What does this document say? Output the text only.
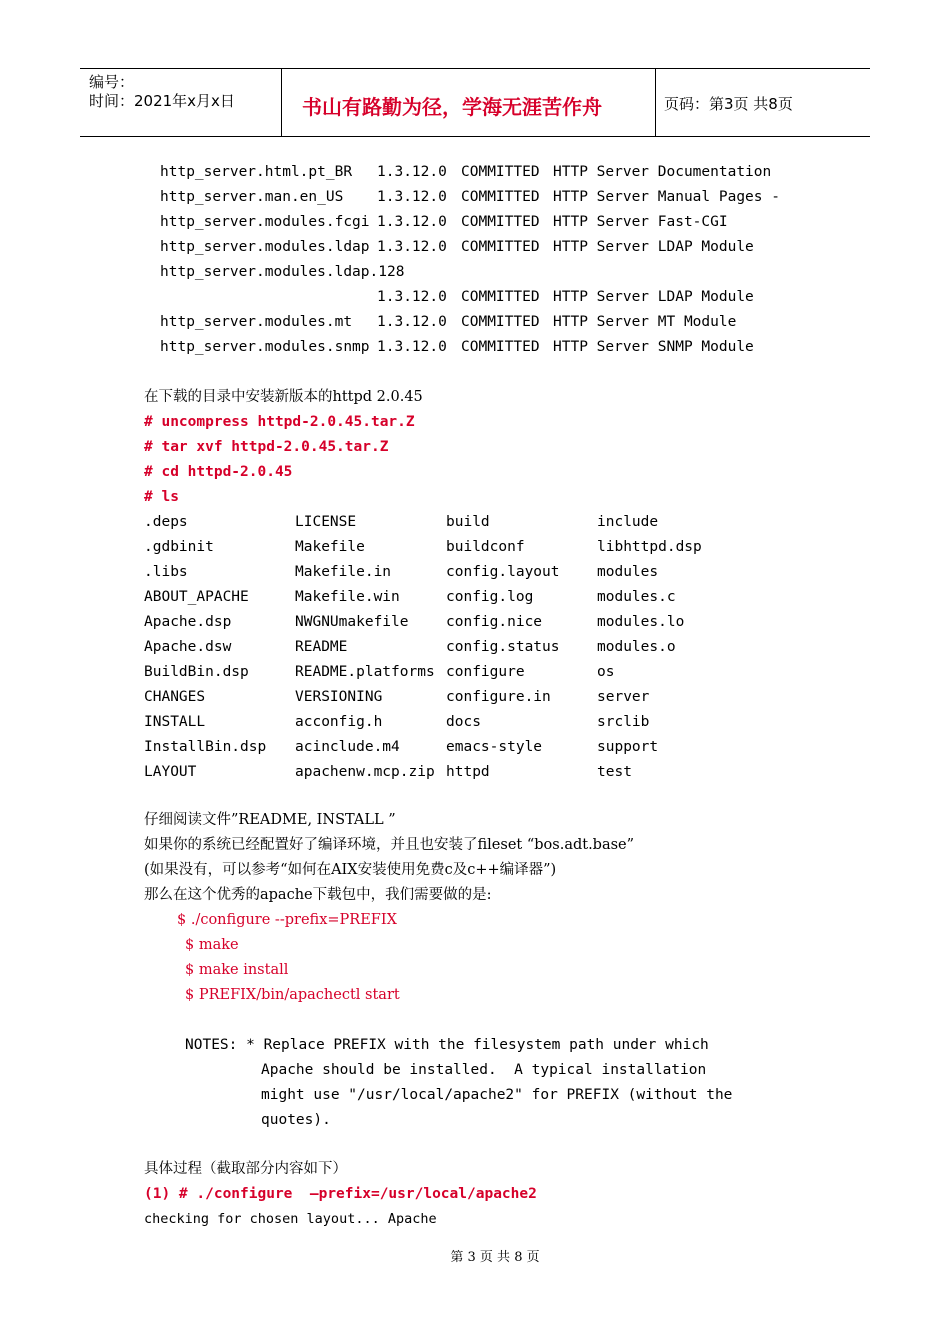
编号：
时间：2021年x月x日	书山有路勤为径，学海无涯苦作舟	页码：第3页 共8页
http_server.html.pt_BR 1.3.12.0 COMMITTED HTTP Server Documentation
http_server.man.en_US 1.3.12.0 COMMITTED HTTP Server Manual Pages -
http_server.modules.fcgi 1.3.12.0 COMMITTED HTTP Server Fast-CGI
http_server.modules.ldap 1.3.12.0 COMMITTED HTTP Server LDAP Module
http_server.modules.ldap.128
1.3.12.0 COMMITTED HTTP Server LDAP Module
http_server.modules.mt 1.3.12.0 COMMITTED HTTP Server MT Module
http_server.modules.snmp 1.3.12.0 COMMITTED HTTP Server SNMP Module
在下载的目录中安装新版本的httpd 2.0.45
# uncompress httpd-2.0.45.tar.Z
# tar xvf httpd-2.0.45.tar.Z
# cd httpd-2.0.45
# ls
.deps	LICENSE	build	include
.gdbinit	Makefile	buildconf	libhttpd.dsp
.libs	Makefile.in	config.layout	modules
ABOUT_APACHE	Makefile.win	config.log	modules.c
Apache.dsp	NWGNUmakefile	config.nice	modules.lo
Apache.dsw	README	config.status	modules.o
BuildBin.dsp	README.platforms configure	os
CHANGES	VERSIONING	configure.in	server
INSTALL	acconfig.h	docs	srclib
InstallBin.dsp acinclude.m4	emacs-style	support
LAYOUT	apachenw.mcp.zip httpd	test
仔细阅读文件”README, INSTALL ”
如果你的系统已经配置好了编译环境，并且也安装了fileset “bos.adt.base”
(如果没有，可以参考“如何在AIX安装使用免费c及c++编译器”)
那么在这个优秀的apache下载包中，我们需要做的是:
$ ./configure --prefix=PREFIX
$ make
$ make install
$ PREFIX/bin/apachectl start
NOTES: * Replace PREFIX with the filesystem path under which
Apache should be installed.  A typical installation
might use "/usr/local/apache2" for PREFIX (without the
quotes).
具体过程（截取部分内容如下）
(1) # ./configure  –prefix=/usr/local/apache2
checking for chosen layout... Apache
第 3 页 共 8 页
